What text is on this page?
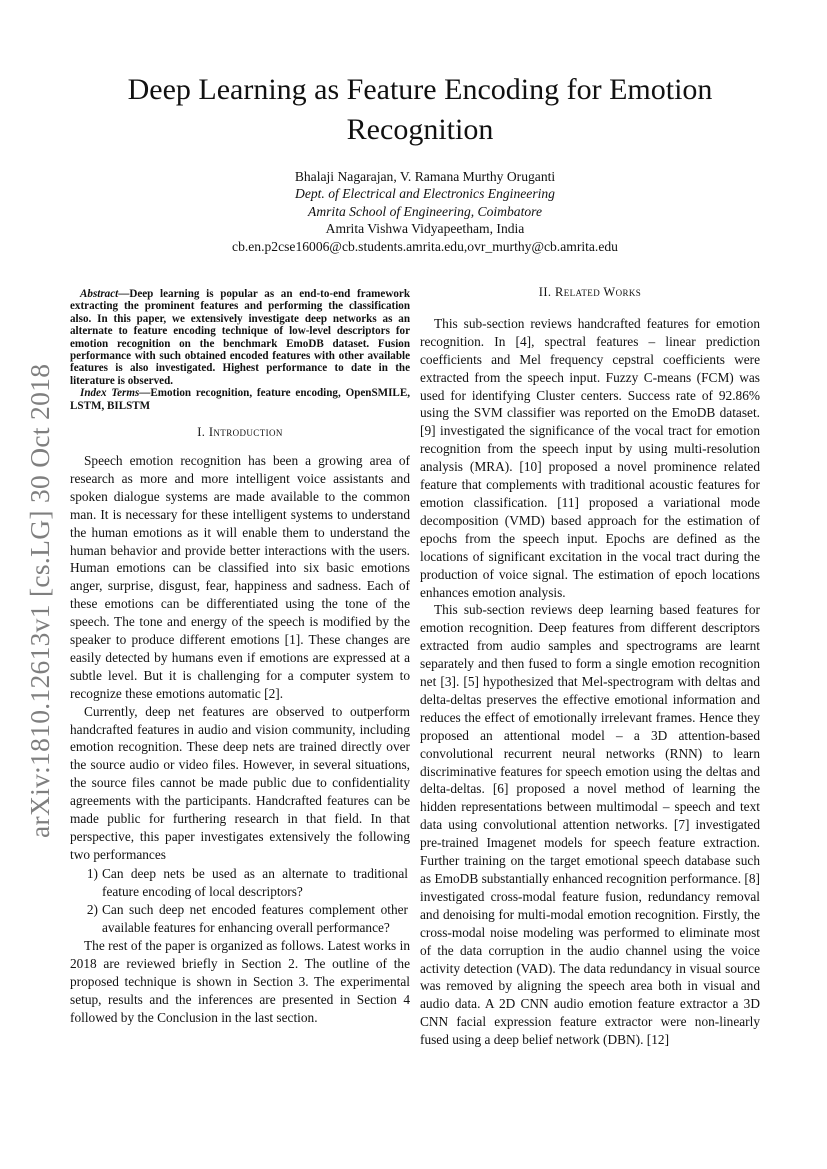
arXiv:1810.12613v1 [cs.LG] 30 Oct 2018
Deep Learning as Feature Encoding for Emotion Recognition
Bhalaji Nagarajan, V. Ramana Murthy Oruganti
Dept. of Electrical and Electronics Engineering
Amrita School of Engineering, Coimbatore
Amrita Vishwa Vidyapeetham, India
cb.en.p2cse16006@cb.students.amrita.edu,ovr_murthy@cb.amrita.edu

Abstract—Deep learning is popular as an end-to-end framework extracting the prominent features and performing the classification also. In this paper, we extensively investigate deep networks as an alternate to feature encoding technique of low-level descriptors for emotion recognition on the benchmark EmoDB dataset. Fusion performance with such obtained encoded features with other available features is also investigated. Highest performance to date in the literature is observed.

Index Terms—Emotion recognition, feature encoding, OpenSMILE, LSTM, BILSTM

I. Introduction

Speech emotion recognition has been a growing area of research as more and more intelligent voice assistants and spoken dialogue systems are made available to the common man. It is necessary for these intelligent systems to understand the human emotions as it will enable them to understand the human behavior and provide better interactions with the users. Human emotions can be classified into six basic emotions anger, surprise, disgust, fear, happiness and sadness. Each of these emotions can be differentiated using the tone of the speech. The tone and energy of the speech is modified by the speaker to produce different emotions [1]. These changes are easily detected by humans even if emotions are expressed at a subtle level. But it is challenging for a computer system to recognize these emotions automatic [2].

Currently, deep net features are observed to outperform handcrafted features in audio and vision community, including emotion recognition. These deep nets are trained directly over the source audio or video files. However, in several situations, the source files cannot be made public due to confidentiality agreements with the participants. Handcrafted features can be made public for furthering research in that field. In that perspective, this paper investigates extensively the following two performances

1) Can deep nets be used as an alternate to traditional feature encoding of local descriptors?
2) Can such deep net encoded features complement other available features for enhancing overall performance?

The rest of the paper is organized as follows. Latest works in 2018 are reviewed briefly in Section 2. The outline of the proposed technique is shown in Section 3. The experimental setup, results and the inferences are presented in Section 4 followed by the Conclusion in the last section.

II. Related Works

This sub-section reviews handcrafted features for emotion recognition. In [4], spectral features – linear prediction coefficients and Mel frequency cepstral coefficients were extracted from the speech input. Fuzzy C-means (FCM) was used for identifying Cluster centers. Success rate of 92.86% using the SVM classifier was reported on the EmoDB dataset. [9] investigated the significance of the vocal tract for emotion recognition from the speech input by using multi-resolution analysis (MRA). [10] proposed a novel prominence related feature that complements with traditional acoustic features for emotion classification. [11] proposed a variational mode decomposition (VMD) based approach for the estimation of epochs from the speech input. Epochs are defined as the locations of significant excitation in the vocal tract during the production of voice signal. The estimation of epoch locations enhances emotion analysis.

This sub-section reviews deep learning based features for emotion recognition. Deep features from different descriptors extracted from audio samples and spectrograms are learnt separately and then fused to form a single emotion recognition net [3]. [5] hypothesized that Mel-spectrogram with deltas and delta-deltas preserves the effective emotional information and reduces the effect of emotionally irrelevant frames. Hence they proposed an attentional model – a 3D attention-based convolutional recurrent neural networks (RNN) to learn discriminative features for speech emotion using the deltas and delta-deltas. [6] proposed a novel method of learning the hidden representations between multimodal – speech and text data using convolutional attention networks. [7] investigated pre-trained Imagenet models for speech feature extraction. Further training on the target emotional speech database such as EmoDB substantially enhanced recognition performance. [8] investigated cross-modal feature fusion, redundancy removal and denoising for multi-modal emotion recognition. Firstly, the cross-modal noise modeling was performed to eliminate most of the data corruption in the audio channel using the voice activity detection (VAD). The data redundancy in visual source was removed by aligning the speech area both in visual and audio data. A 2D CNN audio emotion feature extractor a 3D CNN facial expression feature extractor were non-linearly fused using a deep belief network (DBN). [12]
